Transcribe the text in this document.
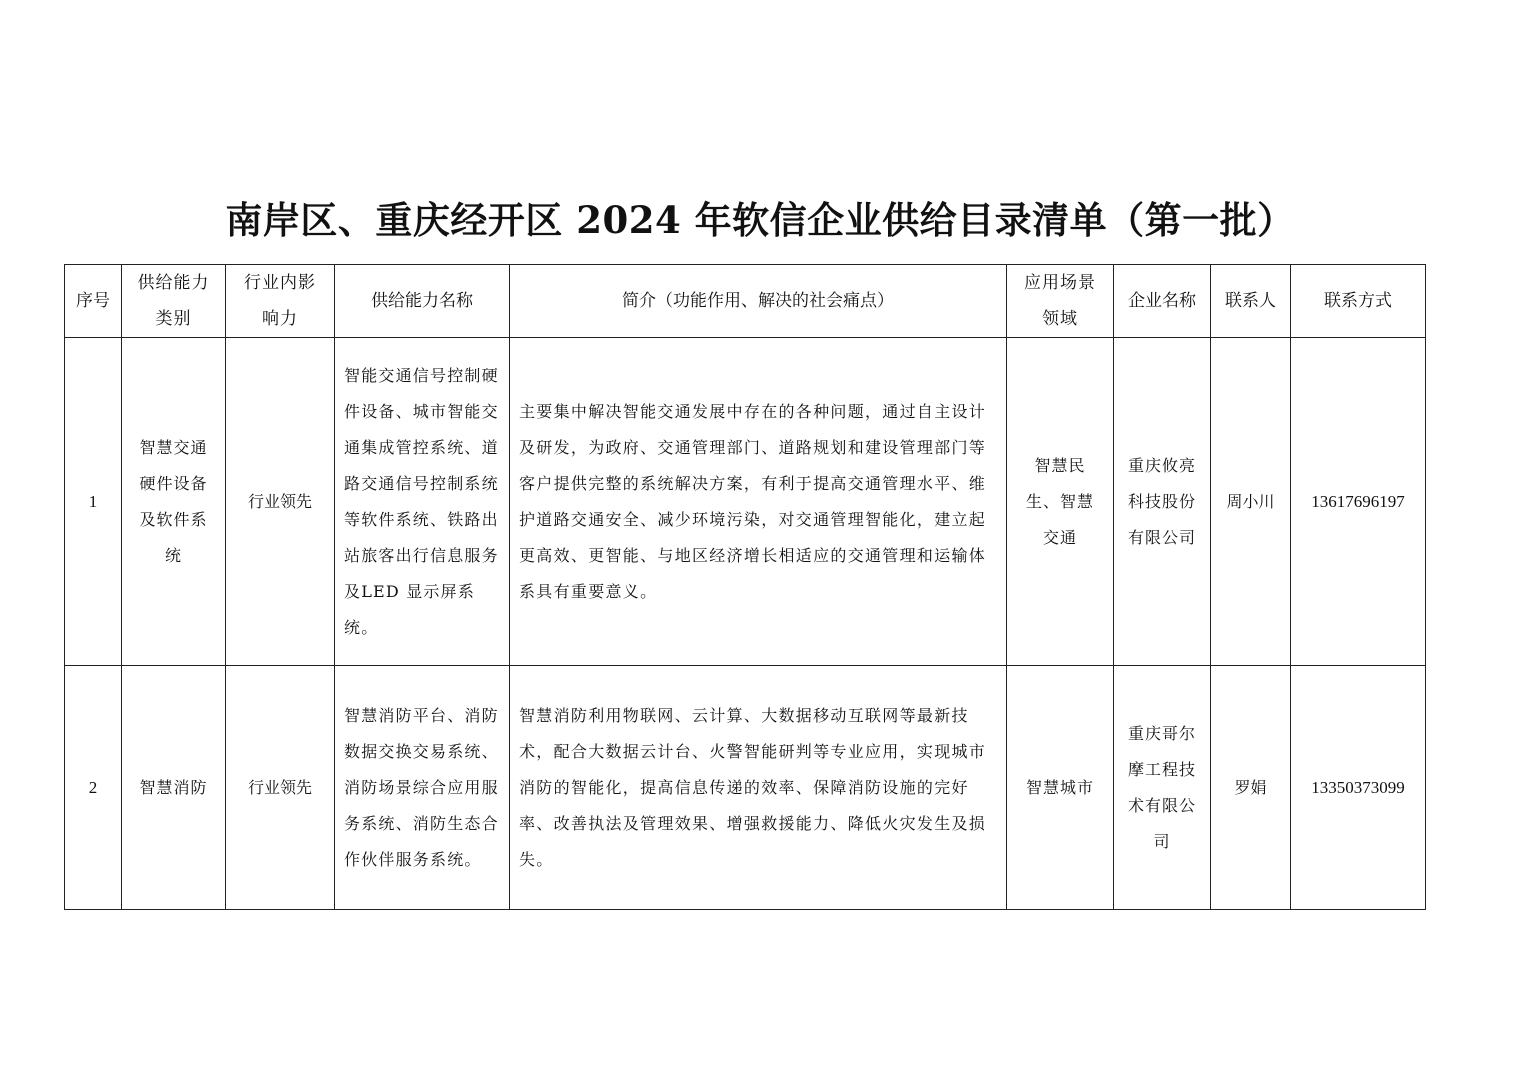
南岸区、重庆经开区 2024 年软信企业供给目录清单（第一批）
序号	供给能力类别	行业内影响力	供给能力名称	简介（功能作用、解决的社会痛点）	应用场景领域	企业名称	联系人	联系方式
1	智慧交通硬件设备及软件系统	行业领先	智能交通信号控制硬件设备、城市智能交通集成管控系统、道路交通信号控制系统等软件系统、铁路出站旅客出行信息服务及LED 显示屏系统。	主要集中解决智能交通发展中存在的各种问题，通过自主设计及研发，为政府、交通管理部门、道路规划和建设管理部门等客户提供完整的系统解决方案，有利于提高交通管理水平、维护道路交通安全、减少环境污染，对交通管理智能化，建立起更高效、更智能、与地区经济增长相适应的交通管理和运输体系具有重要意义。	智慧民生、智慧交通	重庆攸亮科技股份有限公司	周小川	13617696197
2	智慧消防	行业领先	智慧消防平台、消防数据交换交易系统、消防场景综合应用服务系统、消防生态合作伙伴服务系统。	智慧消防利用物联网、云计算、大数据移动互联网等最新技术，配合大数据云计台、火警智能研判等专业应用，实现城市消防的智能化，提高信息传递的效率、保障消防设施的完好率、改善执法及管理效果、增强救援能力、降低火灾发生及损失。	智慧城市	重庆哥尔摩工程技术有限公司	罗娟	13350373099
